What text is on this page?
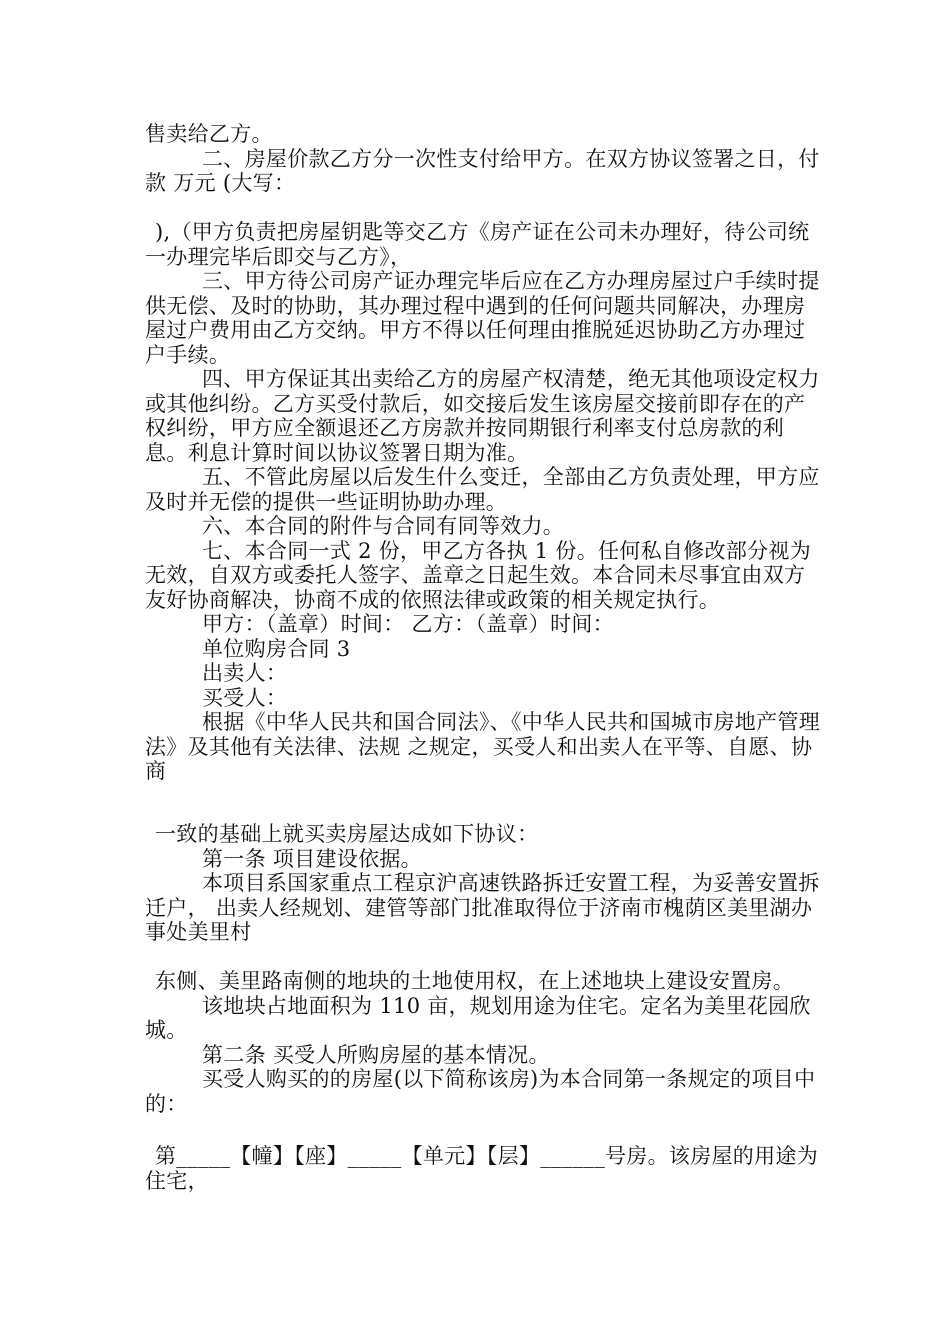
售卖给乙方。

二、房屋价款乙方分一次性支付给甲方。在双方协议签署之日，付款 万元 (大写：

),（甲方负责把房屋钥匙等交乙方《房产证在公司未办理好，待公司统一办理完毕后即交与乙方》，

三、甲方待公司房产证办理完毕后应在乙方办理房屋过户手续时提供无偿、及时的协助，其办理过程中遇到的任何问题共同解决，办理房屋过户费用由乙方交纳。甲方不得以任何理由推脱延迟协助乙方办理过户手续。

四、甲方保证其出卖给乙方的房屋产权清楚，绝无其他项设定权力或其他纠纷。乙方买受付款后，如交接后发生该房屋交接前即存在的产权纠纷，甲方应全额退还乙方房款并按同期银行利率支付总房款的利息。利息计算时间以协议签署日期为准。

五、不管此房屋以后发生什么变迁，全部由乙方负责处理，甲方应及时并无偿的提供一些证明协助办理。

六、本合同的附件与合同有同等效力。

七、本合同一式 2 份，甲乙方各执 1 份。任何私自修改部分视为无效，自双方或委托人签字、盖章之日起生效。本合同未尽事宜由双方友好协商解决，协商不成的依照法律或政策的相关规定执行。

甲方：（盖章）时间： 乙方：（盖章）时间：

单位购房合同 3

出卖人：

买受人：

根据《中华人民共和国合同法》、《中华人民共和国城市房地产管理法》及其他有关法律、法规 之规定，买受人和出卖人在平等、自愿、协商

一致的基础上就买卖房屋达成如下协议：

第一条 项目建设依据。

本项目系国家重点工程京沪高速铁路拆迁安置工程，为妥善安置拆迁户， 出卖人经规划、建管等部门批准取得位于济南市槐荫区美里湖办事处美里村

东侧、美里路南侧的地块的土地使用权，在上述地块上建设安置房。

该地块占地面积为 110 亩，规划用途为住宅。定名为美里花园欣城。

第二条 买受人所购房屋的基本情况。

买受人购买的的房屋(以下简称该房)为本合同第一条规定的项目中的：

第_____【幢】【座】_____【单元】【层】______号房。该房屋的用途为住宅，
